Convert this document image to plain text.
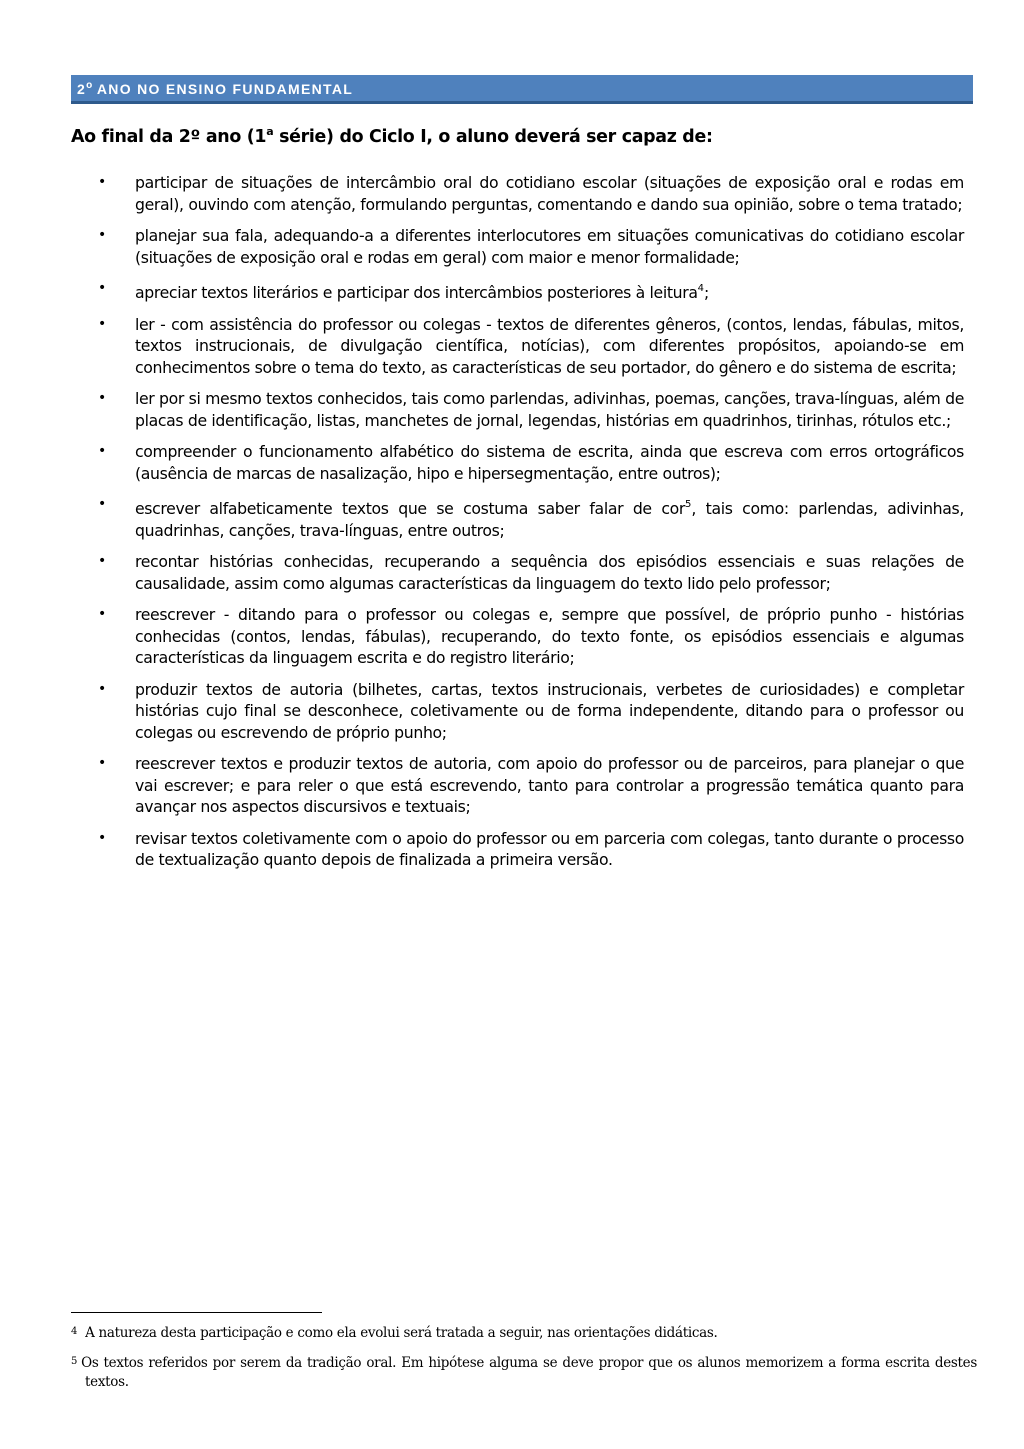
2$^o$ ANO NO ENSINO FUNDAMENTAL
Ao final da 2º ano (1$^a$ série) do Ciclo I, o aluno deverá ser capaz de:
• participar de situações de intercâmbio oral do cotidiano escolar (situações de exposição oral e rodas em geral), ouvindo com atenção, formulando perguntas, comentando e dando sua opinião, sobre o tema tratado;
• planejar sua fala, adequando-a a diferentes interlocutores em situações comunicativas do cotidiano escolar (situações de exposição oral e rodas em geral) com maior e menor formalidade;
• apreciar textos literários e participar dos intercâmbios posteriores à leitura$^4$;
• ler - com assistência do professor ou colegas - textos de diferentes gêneros, (contos, lendas, fábulas, mitos, textos instrucionais, de divulgação científica, notícias), com diferentes propósitos, apoiando-se em conhecimentos sobre o tema do texto, as características de seu portador, do gênero e do sistema de escrita;
• ler por si mesmo textos conhecidos, tais como parlendas, adivinhas, poemas, canções, trava-línguas, além de placas de identificação, listas, manchetes de jornal, legendas, histórias em quadrinhos, tirinhas, rótulos etc.;
• compreender o funcionamento alfabético do sistema de escrita, ainda que escreva com erros ortográficos (ausência de marcas de nasalização, hipo e hipersegmentação, entre outros);
• escrever alfabeticamente textos que se costuma saber falar de cor$^5$, tais como: parlendas, adivinhas, quadrinhas, canções, trava-línguas, entre outros;
• recontar histórias conhecidas, recuperando a sequência dos episódios essenciais e suas relações de causalidade, assim como algumas características da linguagem do texto lido pelo professor;
• reescrever - ditando para o professor ou colegas e, sempre que possível, de próprio punho - histórias conhecidas (contos, lendas, fábulas), recuperando, do texto fonte, os episódios essenciais e algumas características da linguagem escrita e do registro literário;
• produzir textos de autoria (bilhetes, cartas, textos instrucionais, verbetes de curiosidades) e completar histórias cujo final se desconhece, coletivamente ou de forma independente, ditando para o professor ou colegas ou escrevendo de próprio punho;
• reescrever textos e produzir textos de autoria, com apoio do professor ou de parceiros, para planejar o que vai escrever; e para reler o que está escrevendo, tanto para controlar a progressão temática quanto para avançar nos aspectos discursivos e textuais;
• revisar textos coletivamente com o apoio do professor ou em parceria com colegas, tanto durante o processo de textualização quanto depois de finalizada a primeira versão.
$^4$ A natureza desta participação e como ela evolui será tratada a seguir, nas orientações didáticas.
$^5$ Os textos referidos por serem da tradição oral. Em hipótese alguma se deve propor que os alunos memorizem a forma escrita destes textos.
